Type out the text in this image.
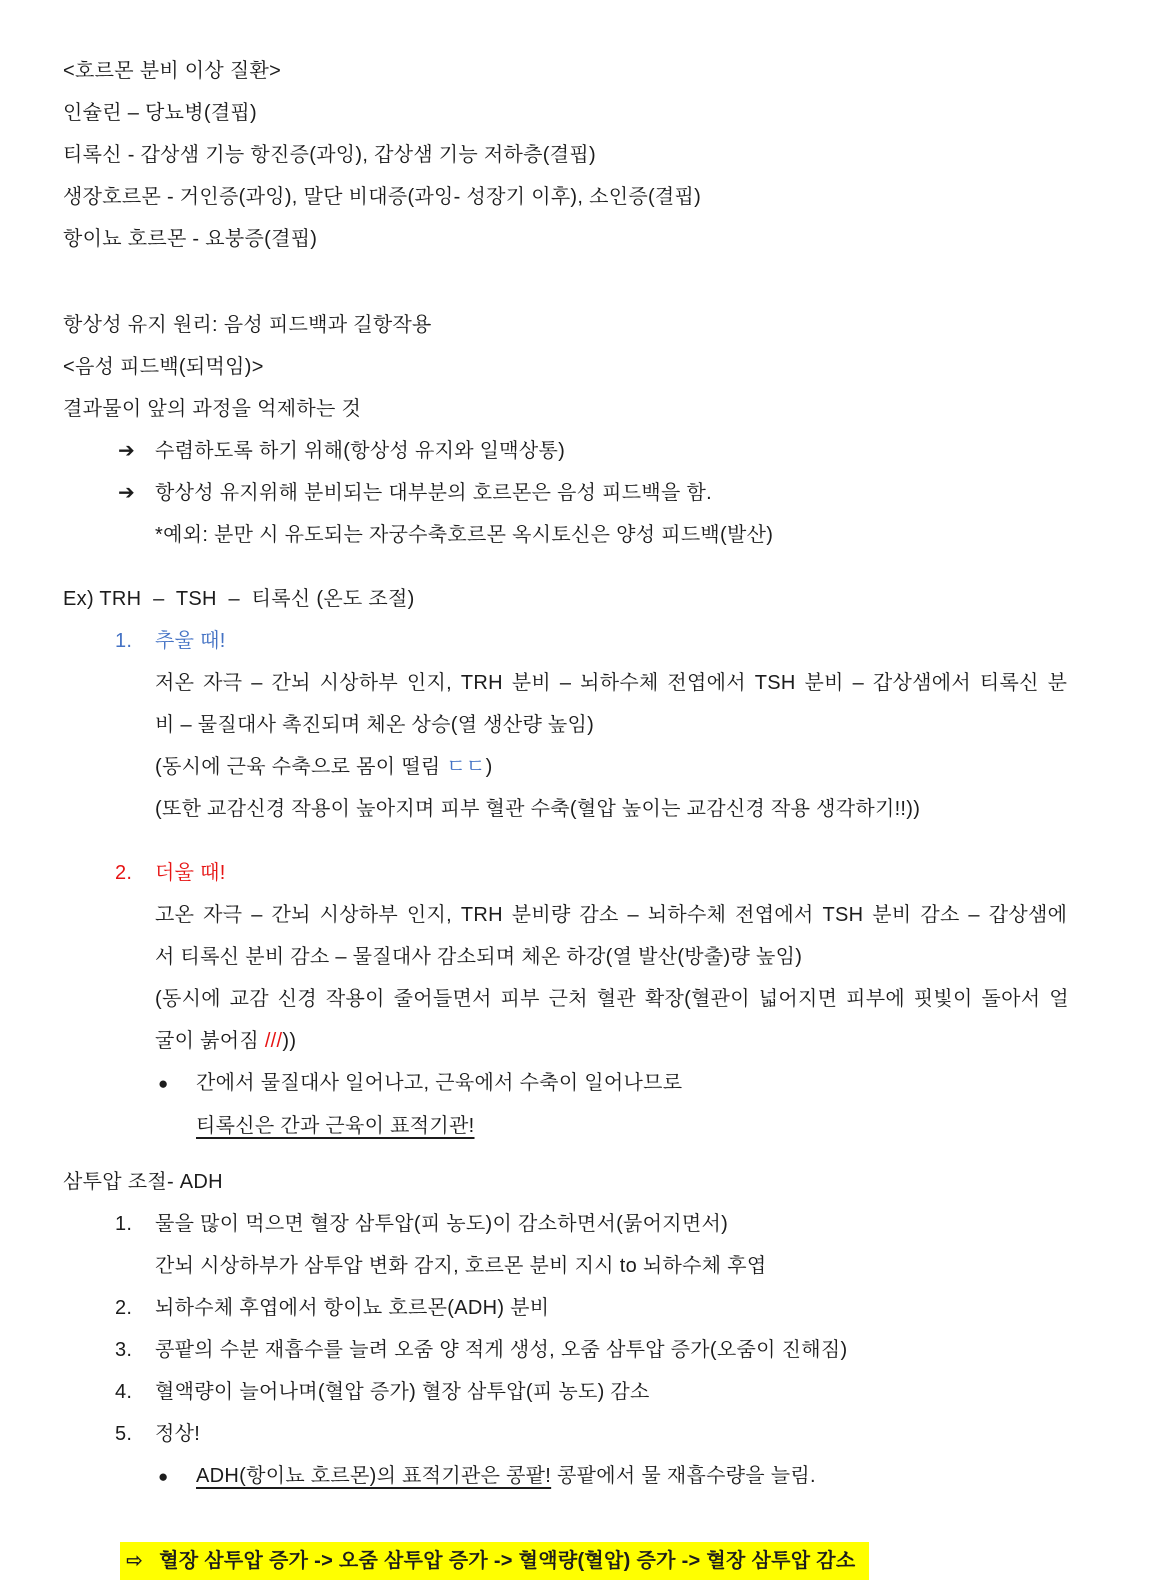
<호르몬 분비 이상 질환>
인슐린 – 당뇨병(결핍)
티록신 - 갑상샘 기능 항진증(과잉), 갑상샘 기능 저하층(결핍)
생장호르몬 - 거인증(과잉), 말단 비대증(과잉- 성장기 이후), 소인증(결핍)
항이뇨 호르몬 - 요붕증(결핍)
항상성 유지 원리: 음성 피드백과 길항작용
<음성 피드백(되먹임)>
결과물이 앞의 과정을 억제하는 것
➔ 수렴하도록 하기 위해(항상성 유지와 일맥상통)
➔ 항상성 유지위해 분비되는 대부분의 호르몬은 음성 피드백을 함.
*예외: 분만 시 유도되는 자궁수축호르몬 옥시토신은 양성 피드백(발산)
Ex) TRH  –  TSH  –  티록신 (온도 조절)
1.	추울 때!
저온 자극 – 간뇌 시상하부 인지, TRH 분비 – 뇌하수체 전엽에서 TSH 분비 – 갑상샘에서 티록신 분
비 – 물질대사 촉진되며 체온 상승(열 생산량 높임)
(동시에 근육 수축으로 몸이 떨림 ㄷㄷ)
(또한 교감신경 작용이 높아지며 피부 혈관 수축(혈압 높이는 교감신경 작용 생각하기!!))
2.	더울 때!
고온 자극 – 간뇌 시상하부 인지, TRH 분비량 감소 – 뇌하수체 전엽에서 TSH 분비 감소 – 갑상샘에
서 티록신 분비 감소 – 물질대사 감소되며 체온 하강(열 발산(방출)량 높임)
(동시에 교감 신경 작용이 줄어들면서 피부 근처 혈관 확장(혈관이 넓어지면 피부에 핏빛이 돌아서 얼
굴이 붉어짐 ///))
●	간에서 물질대사 일어나고, 근육에서 수축이 일어나므로
티록신은 간과 근육이 표적기관!
삼투압 조절- ADH
1.	물을 많이 먹으면 혈장 삼투압(피 농도)이 감소하면서(묽어지면서)
간뇌 시상하부가 삼투압 변화 감지, 호르몬 분비 지시 to 뇌하수체 후엽
2.	뇌하수체 후엽에서 항이뇨 호르몬(ADH) 분비
3.	콩팥의 수분 재흡수를 늘려 오줌 양 적게 생성, 오줌 삼투압 증가(오줌이 진해짐)
4.	혈액량이 늘어나며(혈압 증가) 혈장 삼투압(피 농도) 감소
5.	정상!
●	ADH(항이뇨 호르몬)의 표적기관은 콩팥! 콩팥에서 물 재흡수량을 늘림.

⇨ 혈장 삼투압 증가 -> 오줌 삼투압 증가 -> 혈액량(혈압) 증가 -> 혈장 삼투압 감소
